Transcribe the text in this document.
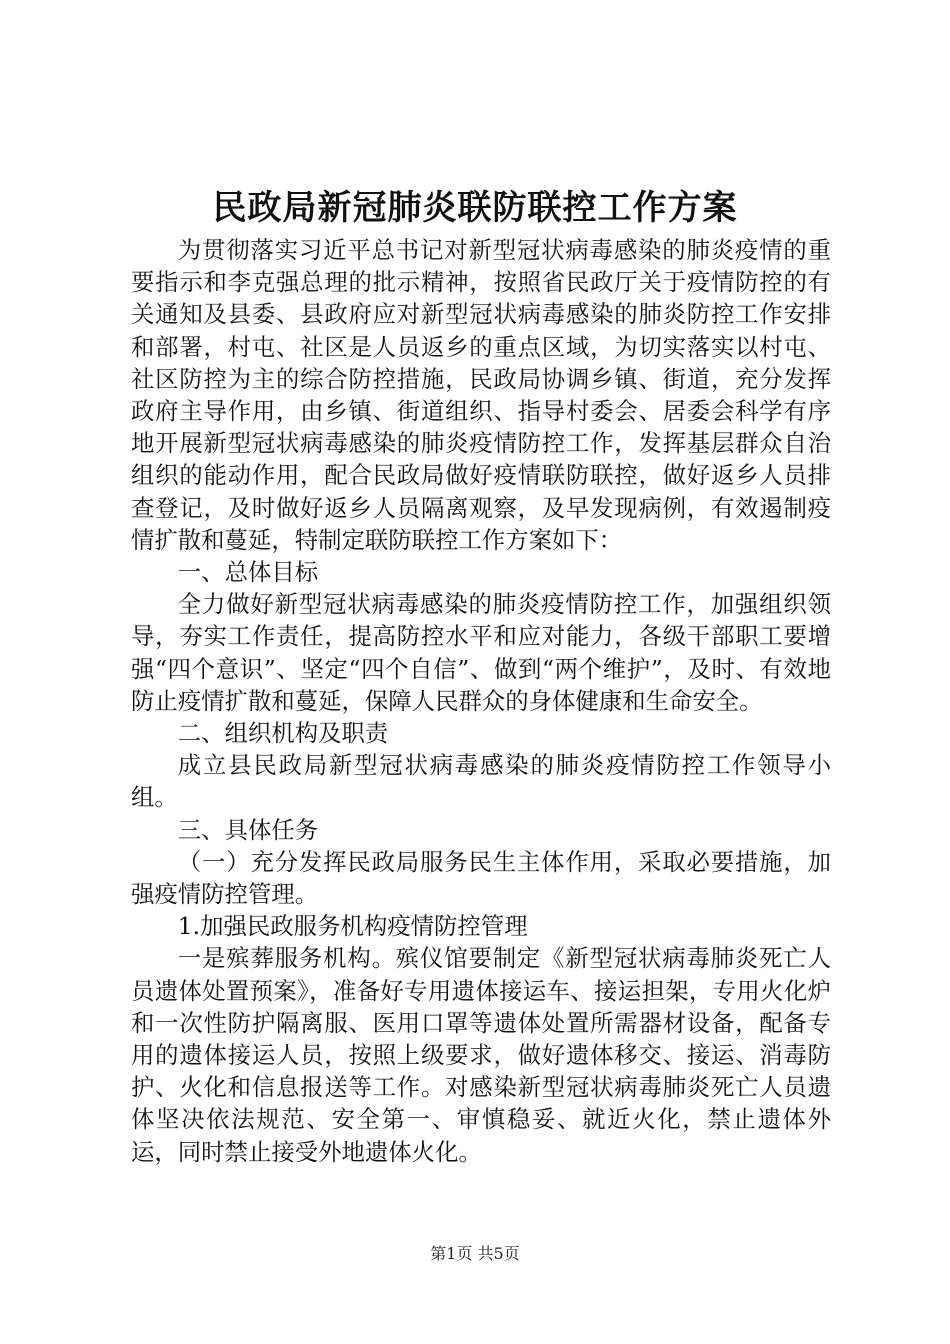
民政局新冠肺炎联防联控工作方案

为贯彻落实习近平总书记对新型冠状病毒感染的肺炎疫情的重要指示和李克强总理的批示精神，按照省民政厅关于疫情防控的有关通知及县委、县政府应对新型冠状病毒感染的肺炎防控工作安排和部署，村屯、社区是人员返乡的重点区域，为切实落实以村屯、社区防控为主的综合防控措施，民政局协调乡镇、街道，充分发挥政府主导作用，由乡镇、街道组织、指导村委会、居委会科学有序地开展新型冠状病毒感染的肺炎疫情防控工作，发挥基层群众自治组织的能动作用，配合民政局做好疫情联防联控，做好返乡人员排查登记，及时做好返乡人员隔离观察，及早发现病例，有效遏制疫情扩散和蔓延，特制定联防联控工作方案如下：

一、总体目标

全力做好新型冠状病毒感染的肺炎疫情防控工作，加强组织领导，夯实工作责任，提高防控水平和应对能力，各级干部职工要增强“四个意识”、坚定“四个自信”、做到“两个维护”，及时、有效地防止疫情扩散和蔓延，保障人民群众的身体健康和生命安全。

二、组织机构及职责

成立县民政局新型冠状病毒感染的肺炎疫情防控工作领导小组。

三、具体任务

（一）充分发挥民政局服务民生主体作用，采取必要措施，加强疫情防控管理。

1.加强民政服务机构疫情防控管理

一是殡葬服务机构。殡仪馆要制定《新型冠状病毒肺炎死亡人员遗体处置预案》，准备好专用遗体接运车、接运担架，专用火化炉和一次性防护隔离服、医用口罩等遗体处置所需器材设备，配备专用的遗体接运人员，按照上级要求，做好遗体移交、接运、消毒防护、火化和信息报送等工作。对感染新型冠状病毒肺炎死亡人员遗体坚决依法规范、安全第一、审慎稳妥、就近火化，禁止遗体外运，同时禁止接受外地遗体火化。

第1页 共5页
